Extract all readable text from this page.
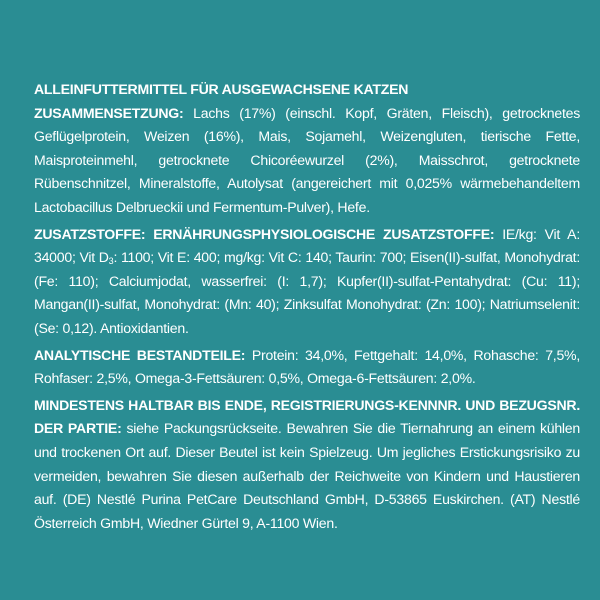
ALLEINFUTTERMITTEL FÜR AUSGEWACHSENE KATZEN

ZUSAMMENSETZUNG: Lachs (17%) (einschl. Kopf, Gräten, Fleisch), getrocknetes Geflügelprotein, Weizen (16%), Mais, Sojamehl, Weizengluten, tierische Fette, Maisproteinmehl, getrocknete Chicoréewurzel (2%), Maisschrot, getrocknete Rübenschnitzel, Mineralstoffe, Autolysat (angereichert mit 0,025% wärmebehandeltem Lactobacillus Delbrueckii und Fermentum-Pulver), Hefe.

ZUSATZSTOFFE: ERNÄHRUNGSPHYSIOLOGISCHE ZUSATZSTOFFE: IE/kg: Vit A: 34000; Vit $D_3$: 1100; Vit E: 400; mg/kg: Vit C: 140; Taurin: 700; Eisen(II)-sulfat, Monohydrat: (Fe: 110); Calciumjodat, wasserfrei: (I: 1,7); Kupfer(II)-sulfat-Pentahydrat: (Cu: 11); Mangan(II)-sulfat, Monohydrat: (Mn: 40); Zinksulfat Monohydrat: (Zn: 100); Natriumselenit: (Se: 0,12). Antioxidantien.

ANALYTISCHE BESTANDTEILE: Protein: 34,0%, Fettgehalt: 14,0%, Rohasche: 7,5%, Rohfaser: 2,5%, Omega-3-Fettsäuren: 0,5%, Omega-6-Fettsäuren: 2,0%.

MINDESTENS HALTBAR BIS ENDE, REGISTRIERUNGS-KENNNR. UND BEZUGSNR. DER PARTIE: siehe Packungsrückseite. Bewahren Sie die Tiernahrung an einem kühlen und trockenen Ort auf. Dieser Beutel ist kein Spielzeug. Um jegliches Erstickungsrisiko zu vermeiden, bewahren Sie diesen außerhalb der Reichweite von Kindern und Haustieren auf. (DE) Nestlé Purina PetCare Deutschland GmbH, D-53865 Euskirchen. (AT) Nestlé Österreich GmbH, Wiedner Gürtel 9, A-1100 Wien.
